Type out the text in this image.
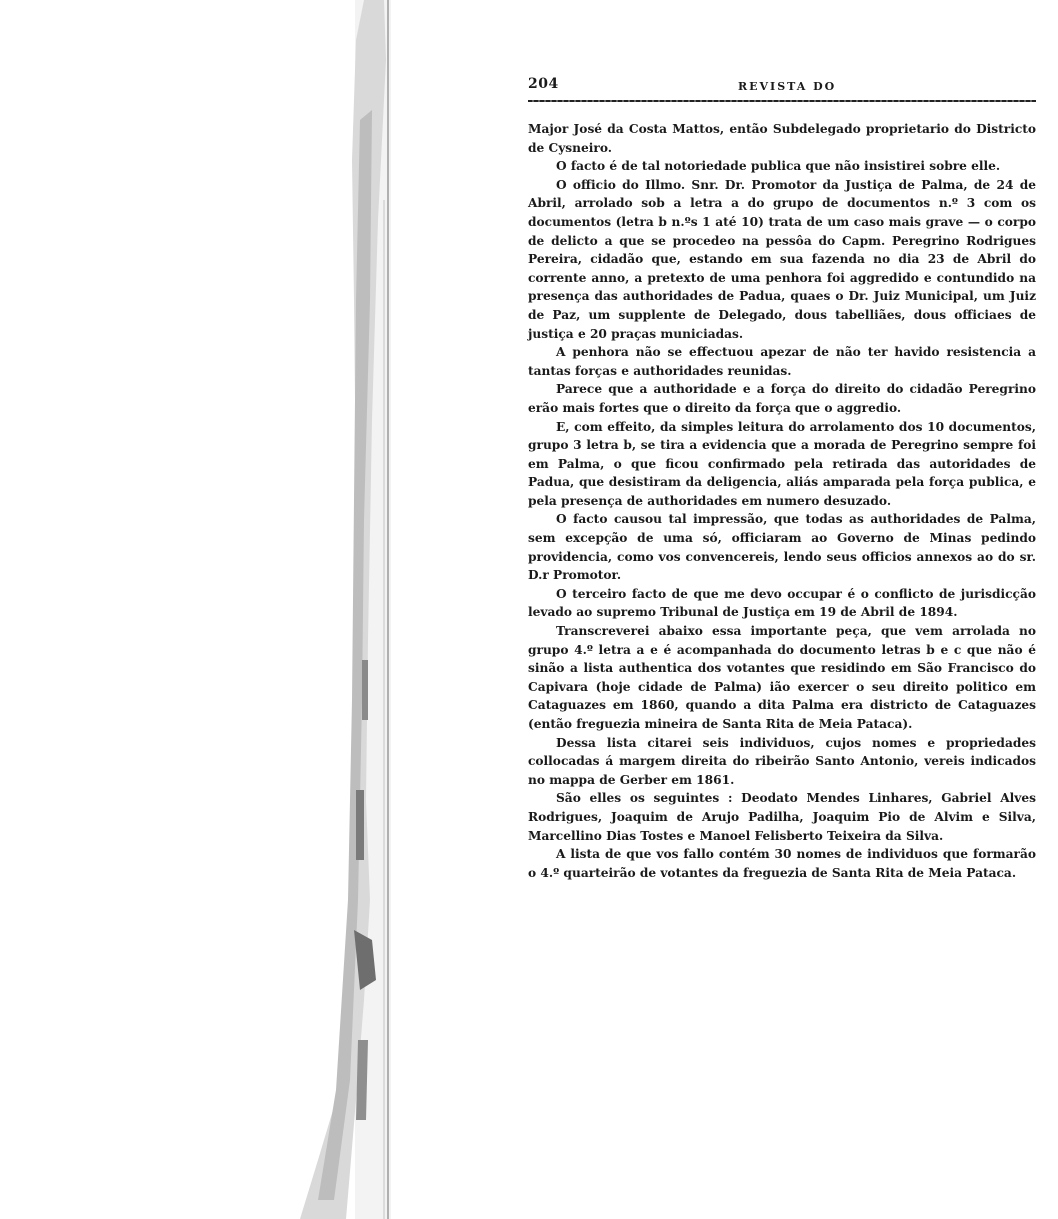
204	REVISTA DO

Major José da Costa Mattos, então Subdelegado proprietario do Districto de Cysneiro.

O facto é de tal notoriedade publica que não insistirei sobre elle.

O officio do Illmo. Snr. Dr. Promotor da Justiça de Palma, de 24 de Abril, arrolado sob a letra a do grupo de documentos n.º 3 com os documentos (letra b n.ºs 1 até 10) trata de um caso mais grave — o corpo de delicto a que se procedeo na pessôa do Capm. Peregrino Rodrigues Pereira, cidadão que, estando em sua fazenda no dia 23 de Abril do corrente anno, a pretexto de uma penhora foi aggredido e contundido na presença das authoridades de Padua, quaes o Dr. Juiz Municipal, um Juiz de Paz, um supplente de Delegado, dous tabelliães, dous officiaes de justiça e 20 praças municiadas.

A penhora não se effectuou apezar de não ter havido resistencia a tantas forças e authoridades reunidas.

Parece que a authoridade e a força do direito do cidadão Peregrino erão mais fortes que o direito da força que o aggredio.

E, com effeito, da simples leitura do arrolamento dos 10 documentos, grupo 3 letra b, se tira a evidencia que a morada de Peregrino sempre foi em Palma, o que ficou confirmado pela retirada das autoridades de Padua, que desistiram da deligencia, aliás amparada pela força publica, e pela presença de authoridades em numero desuzado.

O facto causou tal impressão, que todas as authoridades de Palma, sem excepção de uma só, officiaram ao Governo de Minas pedindo providencia, como vos convencereis, lendo seus officios annexos ao do sr. D.r Promotor.

O terceiro facto de que me devo occupar é o conflicto de jurisdicção levado ao supremo Tribunal de Justiça em 19 de Abril de 1894.

Transcreverei abaixo essa importante peça, que vem arrolada no grupo 4.º letra a e é acompanhada do documento letras b e c que não é sinão a lista authentica dos votantes que residindo em São Francisco do Capivara (hoje cidade de Palma) ião exercer o seu direito politico em Cataguazes em 1860, quando a dita Palma era districto de Cataguazes (então freguezia mineira de Santa Rita de Meia Pataca).

Dessa lista citarei seis individuos, cujos nomes e propriedades collocadas á margem direita do ribeirão Santo Antonio, vereis indicados no mappa de Gerber em 1861.

São elles os seguintes : Deodato Mendes Linhares, Gabriel Alves Rodrigues, Joaquim de Arujo Padilha, Joaquim Pio de Alvim e Silva, Marcellino Dias Tostes e Manoel Felisberto Teixeira da Silva.

A lista de que vos fallo contém 30 nomes de individuos que formarão o 4.º quarteirão de votantes da freguezia de Santa Rita de Meia Pataca.
